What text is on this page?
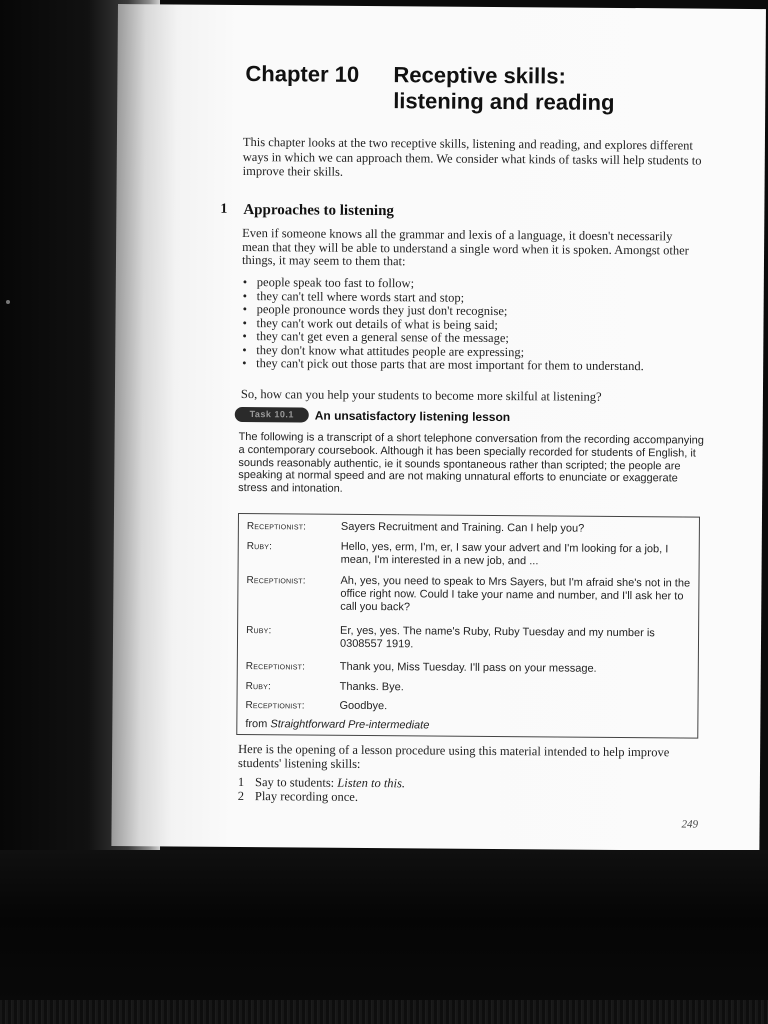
Chapter 10 Receptive skills:
listening and reading
This chapter looks at the two receptive skills, listening and reading, and explores different ways in which we can approach them. We consider what kinds of tasks will help students to improve their skills.
1 Approaches to listening
Even if someone knows all the grammar and lexis of a language, it doesn't necessarily mean that they will be able to understand a single word when it is spoken. Amongst other things, it may seem to them that:
• people speak too fast to follow;
• they can't tell where words start and stop;
• people pronounce words they just don't recognise;
• they can't work out details of what is being said;
• they can't get even a general sense of the message;
• they don't know what attitudes people are expressing;
• they can't pick out those parts that are most important for them to understand.
So, how can you help your students to become more skilful at listening?
Task 10.1	An unsatisfactory listening lesson
The following is a transcript of a short telephone conversation from the recording accompanying a contemporary coursebook. Although it has been specially recorded for students of English, it sounds reasonably authentic, ie it sounds spontaneous rather than scripted; the people are speaking at normal speed and are not making unnatural efforts to enunciate or exaggerate stress and intonation.
Receptionist:	Sayers Recruitment and Training. Can I help you?
Ruby:	Hello, yes, erm, I'm, er, I saw your advert and I'm looking for a job, I mean, I'm interested in a new job, and ...
Receptionist:	Ah, yes, you need to speak to Mrs Sayers, but I'm afraid she's not in the office right now. Could I take your name and number, and I'll ask her to call you back?
Ruby:	Er, yes, yes. The name's Ruby, Ruby Tuesday and my number is 0308557 1919.
Receptionist:	Thank you, Miss Tuesday. I'll pass on your message.
Ruby:	Thanks. Bye.
Receptionist:	Goodbye.
from Straightforward Pre-intermediate
Here is the opening of a lesson procedure using this material intended to help improve students' listening skills:
1 Say to students: Listen to this.
2 Play recording once.
249
